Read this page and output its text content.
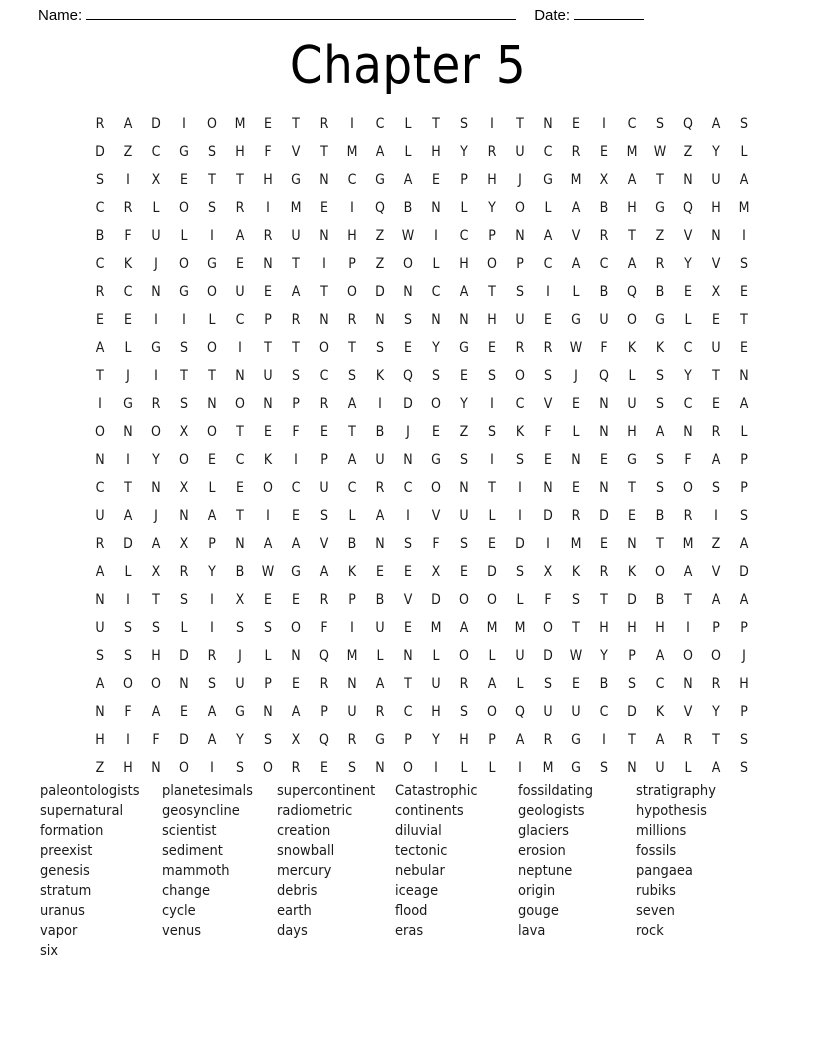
Name:	Date:
Chapter 5
R	A	D	I	O	M	E	T	R	I	C	L	T	S	I	T	N	E	I	C	S	Q	A	S
D	Z	C	G	S	H	F	V	T	M	A	L	H	Y	R	U	C	R	E	M	W	Z	Y	L
S	I	X	E	T	T	H	G	N	C	G	A	E	P	H	J	G	M	X	A	T	N	U	A
C	R	L	O	S	R	I	M	E	I	Q	B	N	L	Y	O	L	A	B	H	G	Q	H	M
B	F	U	L	I	A	R	U	N	H	Z	W	I	C	P	N	A	V	R	T	Z	V	N	I
C	K	J	O	G	E	N	T	I	P	Z	O	L	H	O	P	C	A	C	A	R	Y	V	S
R	C	N	G	O	U	E	A	T	O	D	N	C	A	T	S	I	L	B	Q	B	E	X	E
E	E	I	I	L	C	P	R	N	R	N	S	N	N	H	U	E	G	U	O	G	L	E	T
A	L	G	S	O	I	T	T	O	T	S	E	Y	G	E	R	R	W	F	K	K	C	U	E
T	J	I	T	T	N	U	S	C	S	K	Q	S	E	S	O	S	J	Q	L	S	Y	T	N
I	G	R	S	N	O	N	P	R	A	I	D	O	Y	I	C	V	E	N	U	S	C	E	A
O	N	O	X	O	T	E	F	E	T	B	J	E	Z	S	K	F	L	N	H	A	N	R	L
N	I	Y	O	E	C	K	I	P	A	U	N	G	S	I	S	E	N	E	G	S	F	A	P
C	T	N	X	L	E	O	C	U	C	R	C	O	N	T	I	N	E	N	T	S	O	S	P
U	A	J	N	A	T	I	E	S	L	A	I	V	U	L	I	D	R	D	E	B	R	I	S
R	D	A	X	P	N	A	A	V	B	N	S	F	S	E	D	I	M	E	N	T	M	Z	A
A	L	X	R	Y	B	W	G	A	K	E	E	X	E	D	S	X	K	R	K	O	A	V	D
N	I	T	S	I	X	E	E	R	P	B	V	D	O	O	L	F	S	T	D	B	T	A	A
U	S	S	L	I	S	S	O	F	I	U	E	M	A	M	M	O	T	H	H	H	I	P	P
S	S	H	D	R	J	L	N	Q	M	L	N	L	O	L	U	D	W	Y	P	A	O	O	J
A	O	O	N	S	U	P	E	R	N	A	T	U	R	A	L	S	E	B	S	C	N	R	H
N	F	A	E	A	G	N	A	P	U	R	C	H	S	O	Q	U	U	C	D	K	V	Y	P
H	I	F	D	A	Y	S	X	Q	R	G	P	Y	H	P	A	R	G	I	T	A	R	T	S
Z	H	N	O	I	S	O	R	E	S	N	O	I	L	L	I	M	G	S	N	U	L	A	S
paleontologists
supernatural
formation
preexist
genesis
stratum
uranus
vapor
six
planetesimals
geosyncline
scientist
sediment
mammoth
change
cycle
venus
supercontinent
radiometric
creation
snowball
mercury
debris
earth
days
Catastrophic
continents
diluvial
tectonic
nebular
iceage
flood
eras
fossildating
geologists
glaciers
erosion
neptune
origin
gouge
lava
stratigraphy
hypothesis
millions
fossils
pangaea
rubiks
seven
rock
